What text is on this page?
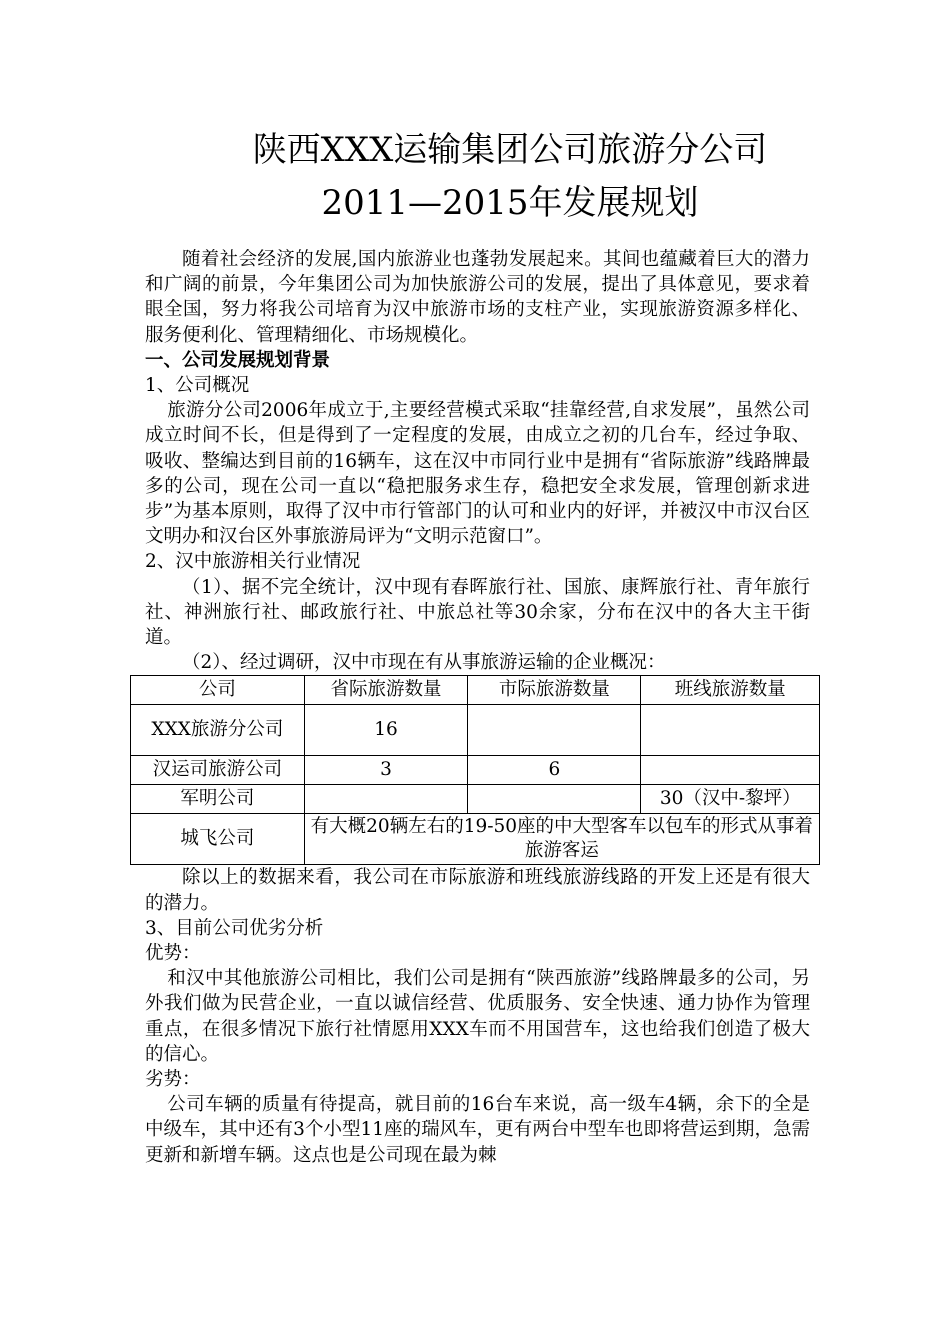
陕西XXX运输集团公司旅游分公司
2011—2015年发展规划

随着社会经济的发展,国内旅游业也蓬勃发展起来。其间也蕴藏着巨大的潜力和广阔的前景，今年集团公司为加快旅游公司的发展，提出了具体意见，要求着眼全国，努力将我公司培育为汉中旅游市场的支柱产业，实现旅游资源多样化、服务便利化、管理精细化、市场规模化。

一、公司发展规划背景

1、公司概况

旅游分公司2006年成立于,主要经营模式采取“挂靠经营,自求发展”，虽然公司成立时间不长，但是得到了一定程度的发展，由成立之初的几台车，经过争取、吸收、整编达到目前的16辆车，这在汉中市同行业中是拥有“省际旅游”线路牌最多的公司，现在公司一直以“稳把服务求生存，稳把安全求发展，管理创新求进步”为基本原则，取得了汉中市行管部门的认可和业内的好评，并被汉中市汉台区文明办和汉台区外事旅游局评为“文明示范窗口”。

2、汉中旅游相关行业情况

（1）、据不完全统计，汉中现有春晖旅行社、国旅、康辉旅行社、青年旅行社、神洲旅行社、邮政旅行社、中旅总社等30余家，分布在汉中的各大主干街道。

（2）、经过调研，汉中市现在有从事旅游运输的企业概况：

公司	省际旅游数量	市际旅游数量	班线旅游数量
XXX旅游分公司	16		
汉运司旅游公司	3	6	
军明公司			30（汉中-黎坪）
城飞公司	有大概20辆左右的19-50座的中大型客车以包车的形式从事着旅游客运		

除以上的数据来看，我公司在市际旅游和班线旅游线路的开发上还是有很大的潜力。

3、目前公司优劣分析

优势：

和汉中其他旅游公司相比，我们公司是拥有“陕西旅游”线路牌最多的公司，另外我们做为民营企业，一直以诚信经营、优质服务、安全快速、通力协作为管理重点，在很多情况下旅行社情愿用XXX车而不用国营车，这也给我们创造了极大的信心。

劣势：

公司车辆的质量有待提高，就目前的16台车来说，高一级车4辆，余下的全是中级车，其中还有3个小型11座的瑞风车，更有两台中型车也即将营运到期，急需更新和新增车辆。这点也是公司现在最为棘
